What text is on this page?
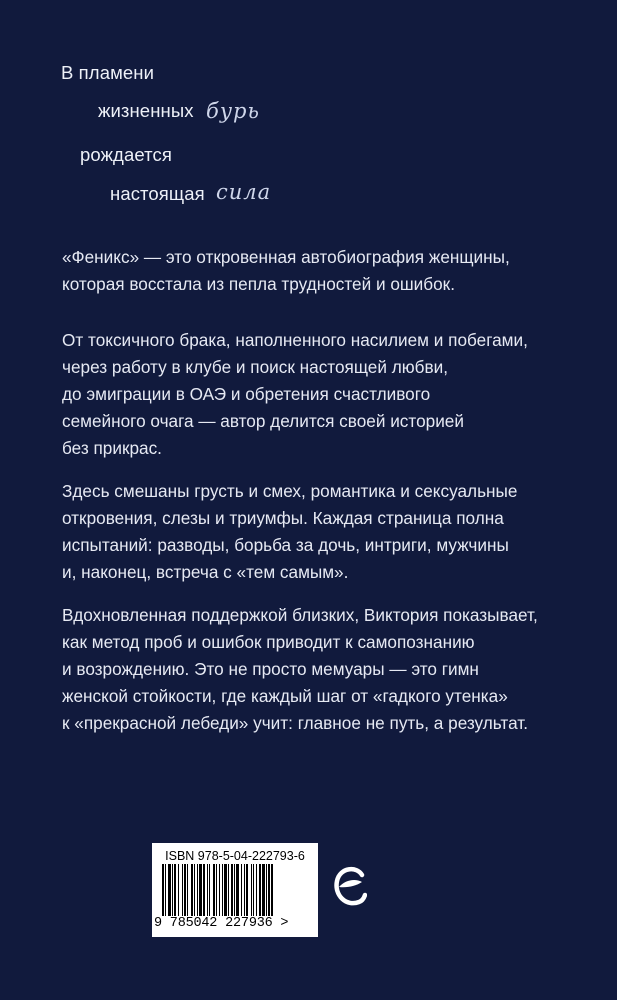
В пламени
жизненных бурь
рождается
настоящая сила

«Феникс» — это откровенная автобиография женщины,
которая восстала из пепла трудностей и ошибок.

От токсичного брака, наполненного насилием и побегами,
через работу в клубе и поиск настоящей любви,
до эмиграции в ОАЭ и обретения счастливого
семейного очага — автор делится своей историей
без прикрас.

Здесь смешаны грусть и смех, романтика и сексуальные
откровения, слезы и триумфы. Каждая страница полна
испытаний: разводы, борьба за дочь, интриги, мужчины
и, наконец, встреча с «тем самым».

Вдохновленная поддержкой близких, Виктория показывает,
как метод проб и ошибок приводит к самопознанию
и возрождению. Это не просто мемуары — это гимн
женской стойкости, где каждый шаг от «гадкого утенка»
к «прекрасной лебеди» учит: главное не путь, а результат.

ISBN 978-5-04-222793-6
9 785042 227936 >
